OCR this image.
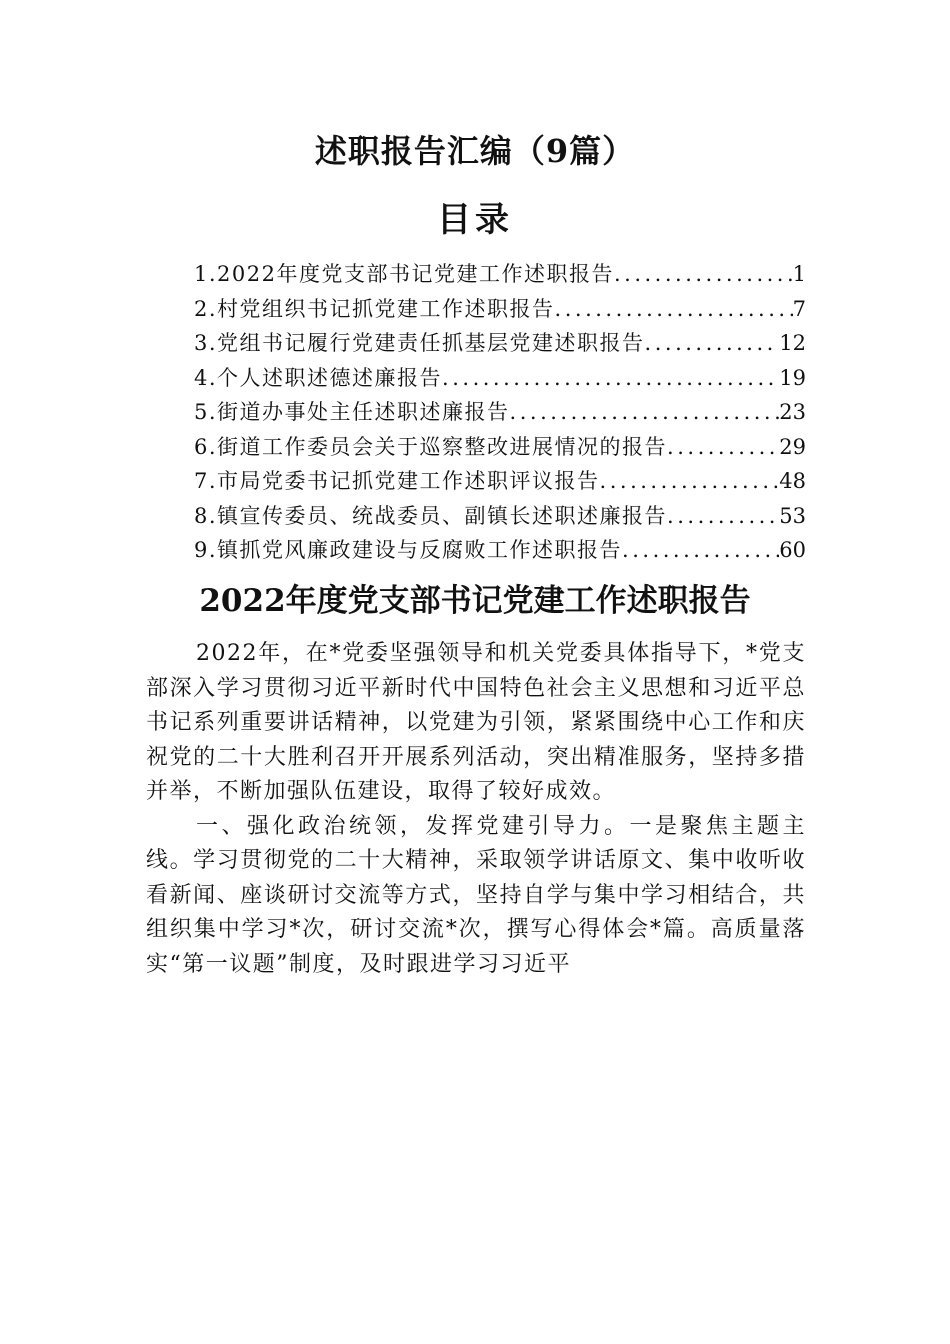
述职报告汇编（9篇）
目录
1.2022年度党支部书记党建工作述职报告 .....	1
2.村党组织书记抓党建工作述职报告 .....	7
3.党组书记履行党建责任抓基层党建述职报告 .....	12
4.个人述职述德述廉报告 .....	19
5.街道办事处主任述职述廉报告 .....	23
6.街道工作委员会关于巡察整改进展情况的报告 .....	29
7.市局党委书记抓党建工作述职评议报告 .....	48
8.镇宣传委员、统战委员、副镇长述职述廉报告 .....	53
9.镇抓党风廉政建设与反腐败工作述职报告 .....	60
2022年度党支部书记党建工作述职报告

2022年，在*党委坚强领导和机关党委具体指导下，*党支部深入学习贯彻习近平新时代中国特色社会主义思想和习近平总书记系列重要讲话精神，以党建为引领，紧紧围绕中心工作和庆祝党的二十大胜利召开开展系列活动，突出精准服务，坚持多措并举，不断加强队伍建设，取得了较好成效。

一、强化政治统领，发挥党建引导力。一是聚焦主题主线。学习贯彻党的二十大精神，采取领学讲话原文、集中收听收看新闻、座谈研讨交流等方式，坚持自学与集中学习相结合，共组织集中学习*次，研讨交流*次，撰写心得体会*篇。高质量落实“第一议题”制度，及时跟进学习习近平
